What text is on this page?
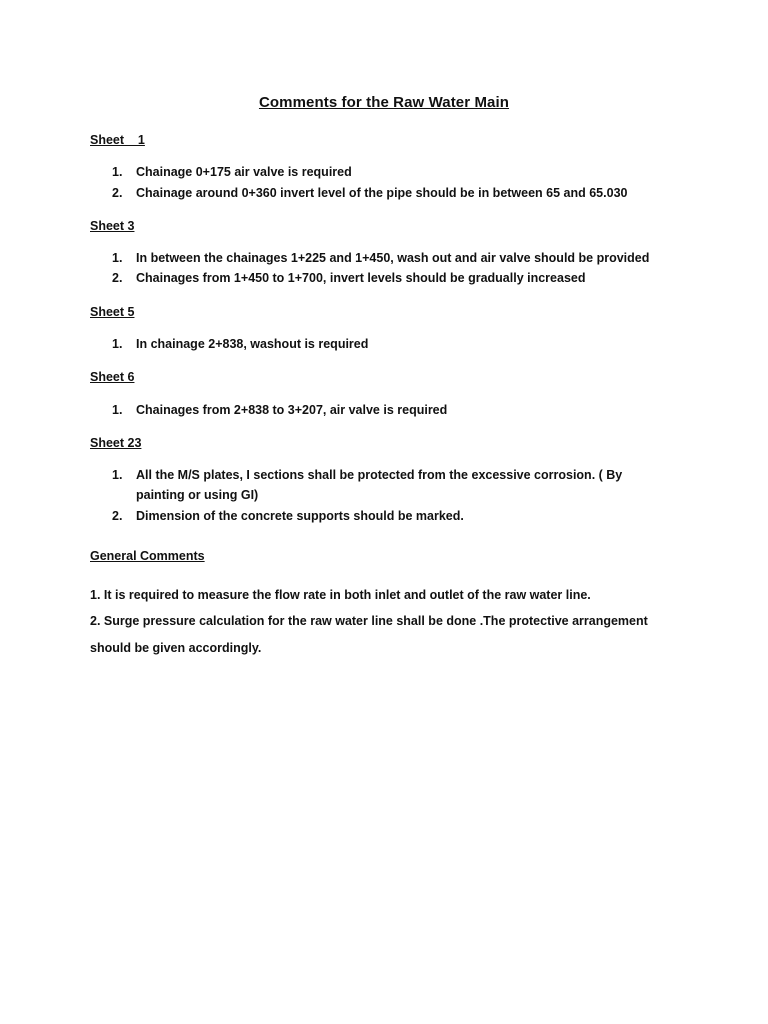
Comments for the Raw Water Main
Sheet    1
1. Chainage 0+175 air valve is required
2. Chainage around 0+360 invert level of the pipe should be in between 65 and 65.030
Sheet 3
1. In between the chainages 1+225 and 1+450, wash out and air valve should be provided
2. Chainages from 1+450 to 1+700, invert levels should be gradually increased
Sheet 5
1. In chainage 2+838, washout is required
Sheet 6
1. Chainages from 2+838 to 3+207, air valve is required
Sheet 23
1. All the M/S plates, I sections shall be protected from the excessive corrosion. ( By painting or using GI)
2. Dimension of the concrete supports should be marked.
General Comments
1. It is required to measure the flow rate in both inlet and outlet of the raw water line.
2. Surge pressure calculation for the raw water line shall be done .The protective arrangement should be given accordingly.
